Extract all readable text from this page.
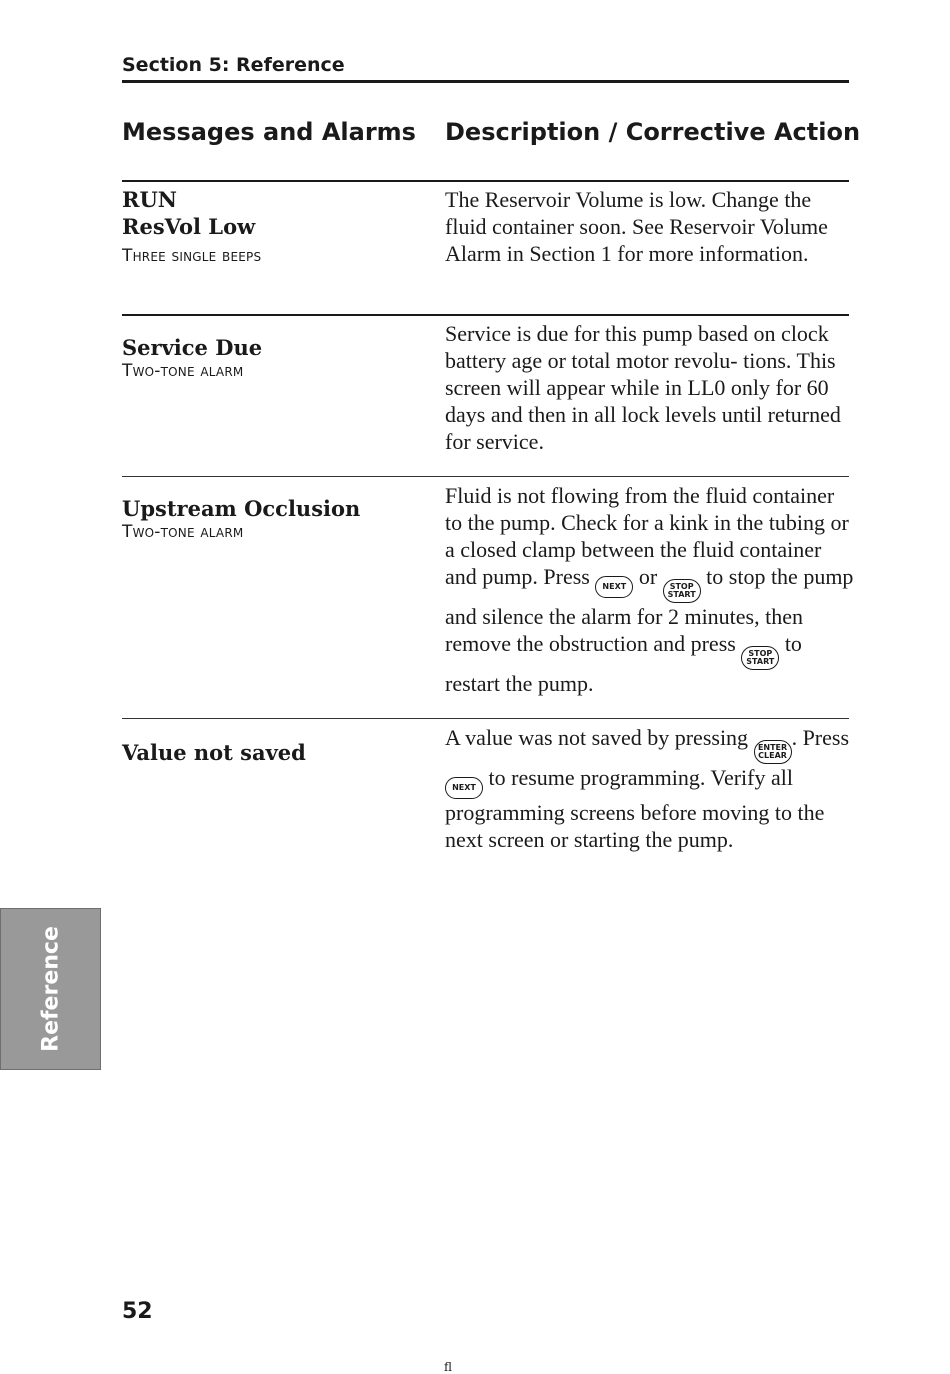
Section 5: Reference
Messages and Alarms Description / Corrective Action
RUN
ResVol Low
Three single beeps
The Reservoir Volume is low. Change the fluid container soon. See Reservoir Volume Alarm in Section 1 for more information.
Service Due
Two-tone alarm
Service is due for this pump based on clock battery age or total motor revolu- tions. This screen will appear while in LL0 only for 60 days and then in all lock levels until returned for service.
Upstream Occlusion
Two-tone alarm
Fluid is not flowing from the fluid container to the pump. Check for a kink in the tubing or a closed clamp between the fluid container and pump. Press NEXT or STOP
START
to stop the pump and silence the alarm for 2 minutes, then remove the obstruction and press STOP
START
to restart the pump.
Value not saved
A value was not saved by pressing ENTER
CLEAR
. Press NEXT to resume programming. Verify all programming screens before moving to the next screen or starting the pump.
Reference
52
fl
